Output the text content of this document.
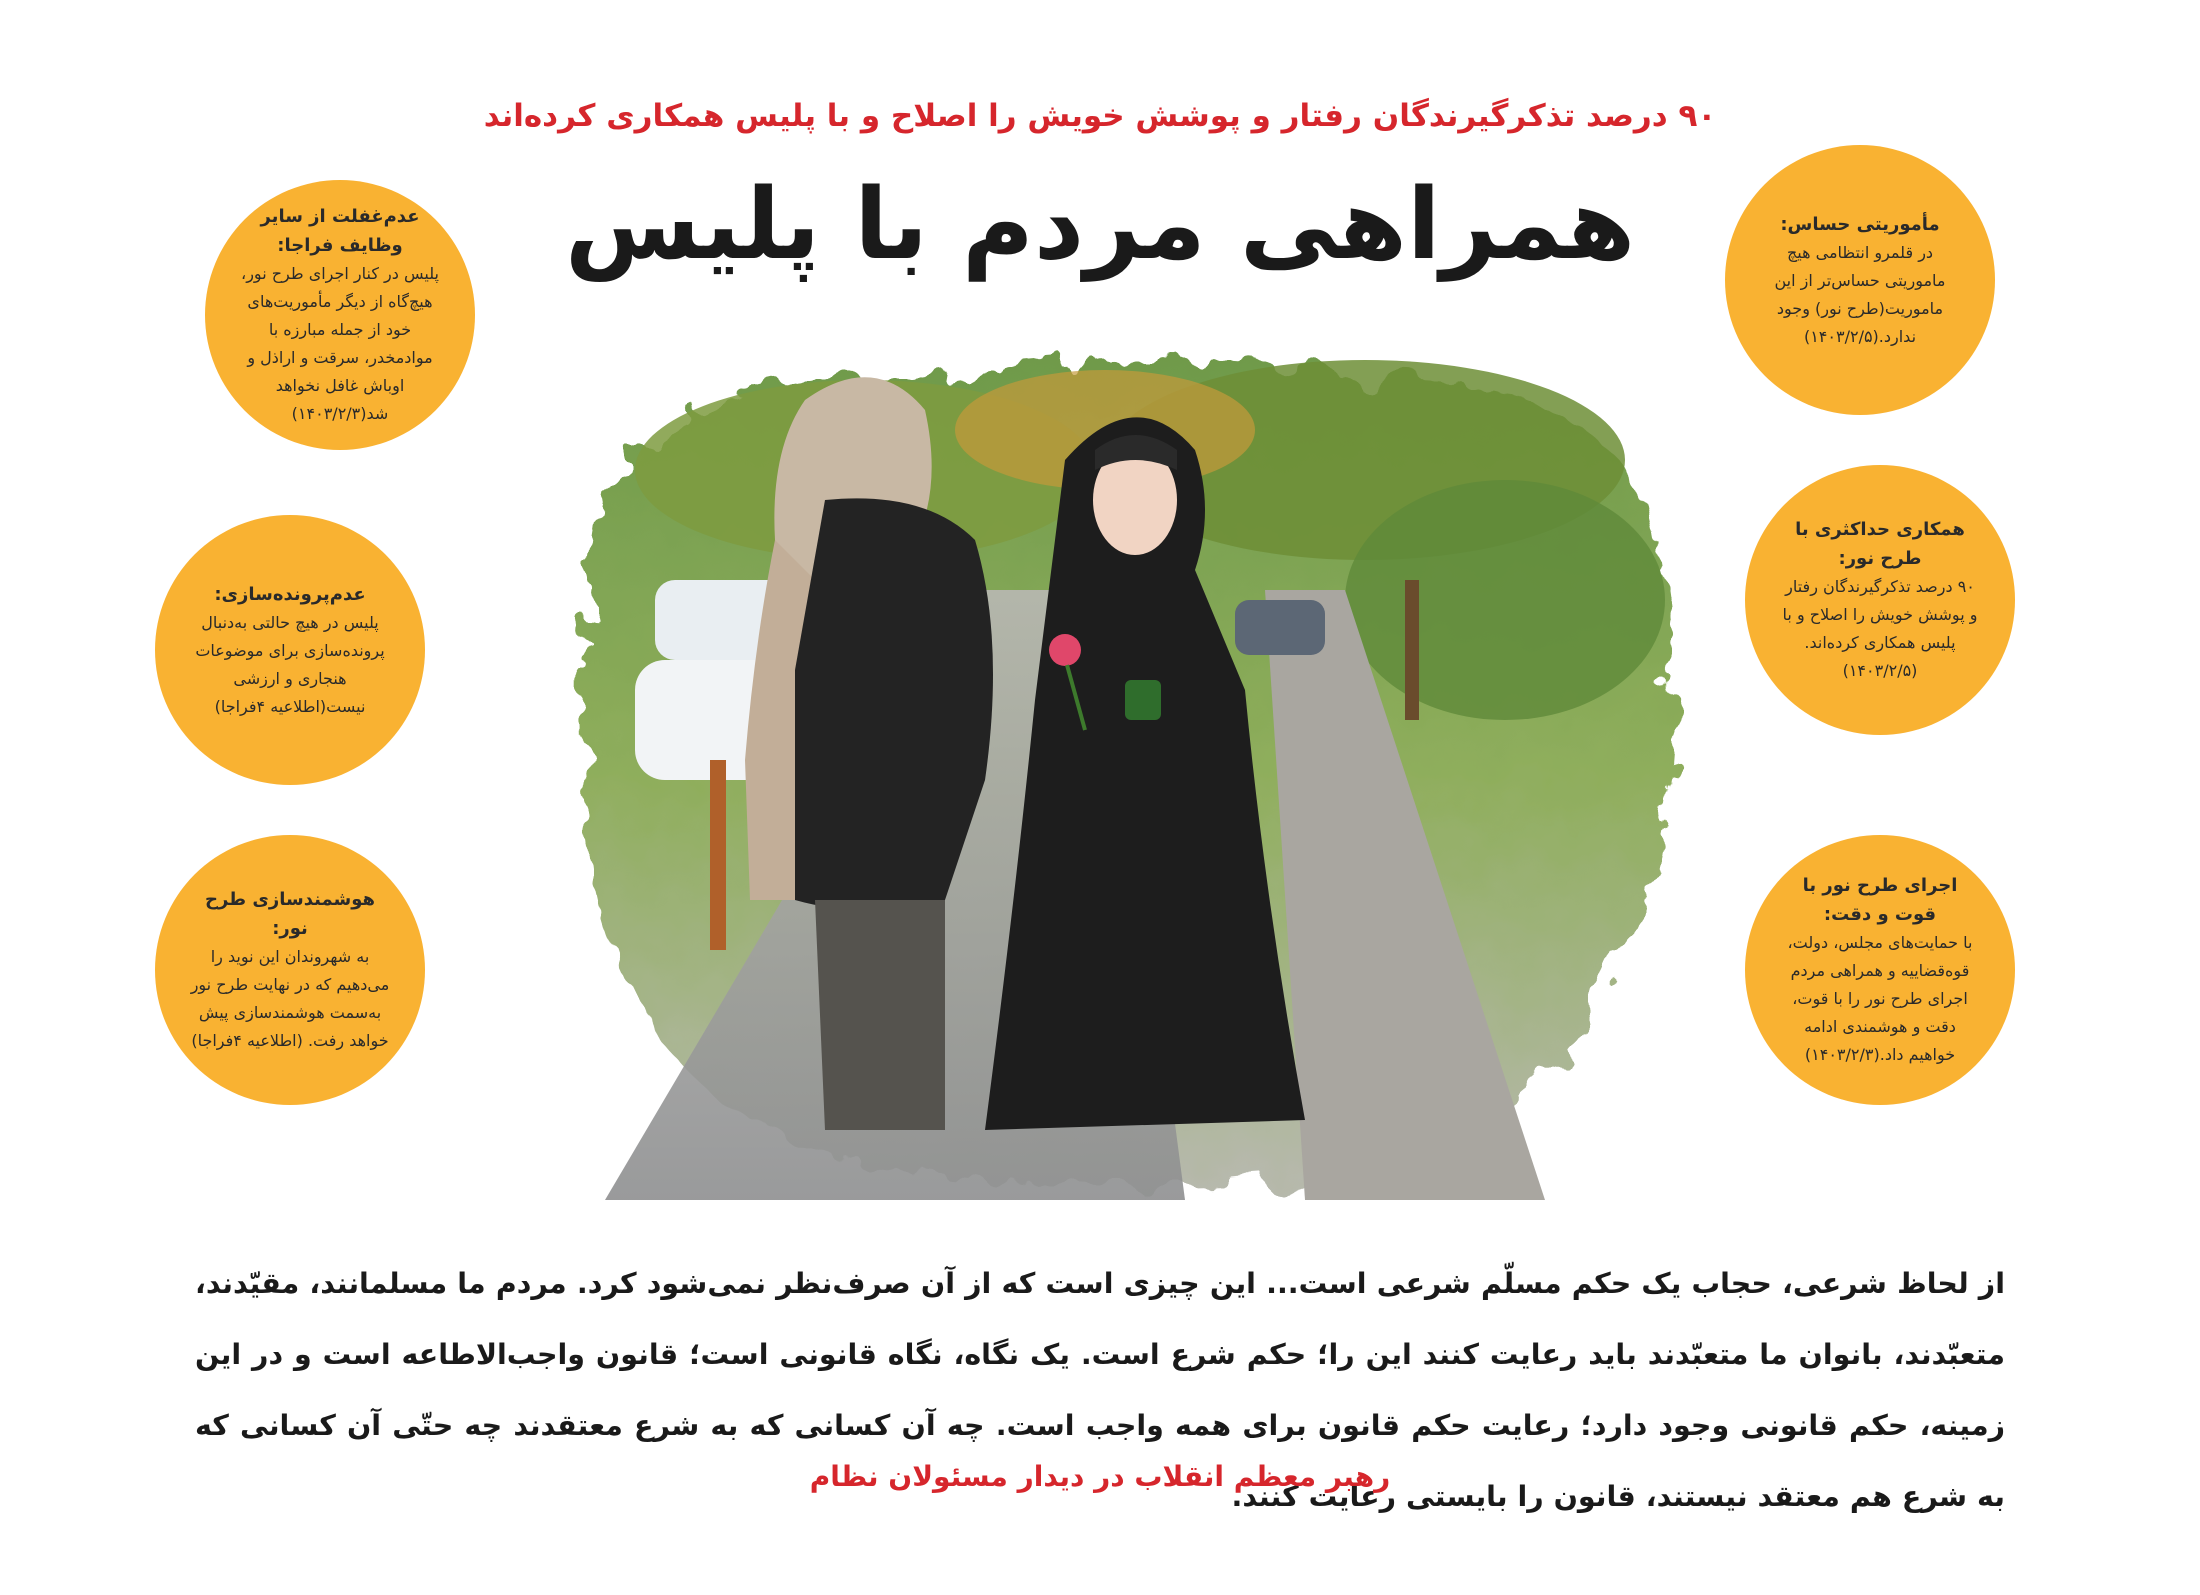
۹۰ درصد تذکرگیرندگان رفتار و پوشش خویش را اصلاح و با پلیس همکاری کرده‌اند
همراهی مردم با پلیس
عدم‌غفلت از سایر وظایف فراجا:
پلیس در کنار اجرای طرح نور، هیچ‌گاه از دیگر مأموریت‌های خود از جمله مبارزه با موادمخدر، سرقت و اراذل و اوباش غافل نخواهد شد(۱۴۰۳/۲/۳)
عدم‌پرونده‌سازی:
پلیس در هیچ حالتی به‌دنبال پرونده‌سازی برای موضوعات هنجاری و ارزشی نیست(اطلاعیه ۴فراجا)
هوشمندسازی طرح نور:
به شهروندان این نوید را می‌دهیم که در نهایت طرح نور به‌سمت هوشمندسازی پیش خواهد رفت. (اطلاعیه ۴فراجا)
مأموریتی حساس:
در قلمرو انتظامی هیچ ماموریتی حساس‌تر از این ماموریت(طرح نور) وجود ندارد.(۱۴۰۳/۲/۵)
همکاری حداکثری با طرح نور:
۹۰ درصد تذکرگیرندگان رفتار و پوشش خویش را اصلاح و با پلیس همکاری کرده‌اند. (۱۴۰۳/۲/۵)
اجرای طرح نور با قوت و دقت:
با حمایت‌های مجلس، دولت، قوه‌قضاییه و همراهی مردم اجرای طرح نور را با قوت، دقت و هوشمندی ادامه خواهیم داد.(۱۴۰۳/۲/۳)
از لحاظ شرعی، حجاب یک حکم مسلّم شرعی است... این چیزی است که از آن صرف‌نظر نمی‌شود کرد. مردم ما مسلمانند، مقیّدند، متعبّدند، بانوان ما متعبّدند باید رعایت کنند این را؛ حکم شرع است. یک نگاه، نگاه قانونی است؛ قانون واجب‌الاطاعه است و در این زمینه، حکم قانونی وجود دارد؛ رعایت حکم قانون برای همه واجب است. چه آن کسانی که به شرع معتقدند چه حتّی آن کسانی که به شرع هم معتقد نیستند، قانون را بایستی رعایت کنند.
رهبر معظم انقلاب در دیدار مسئولان نظام
